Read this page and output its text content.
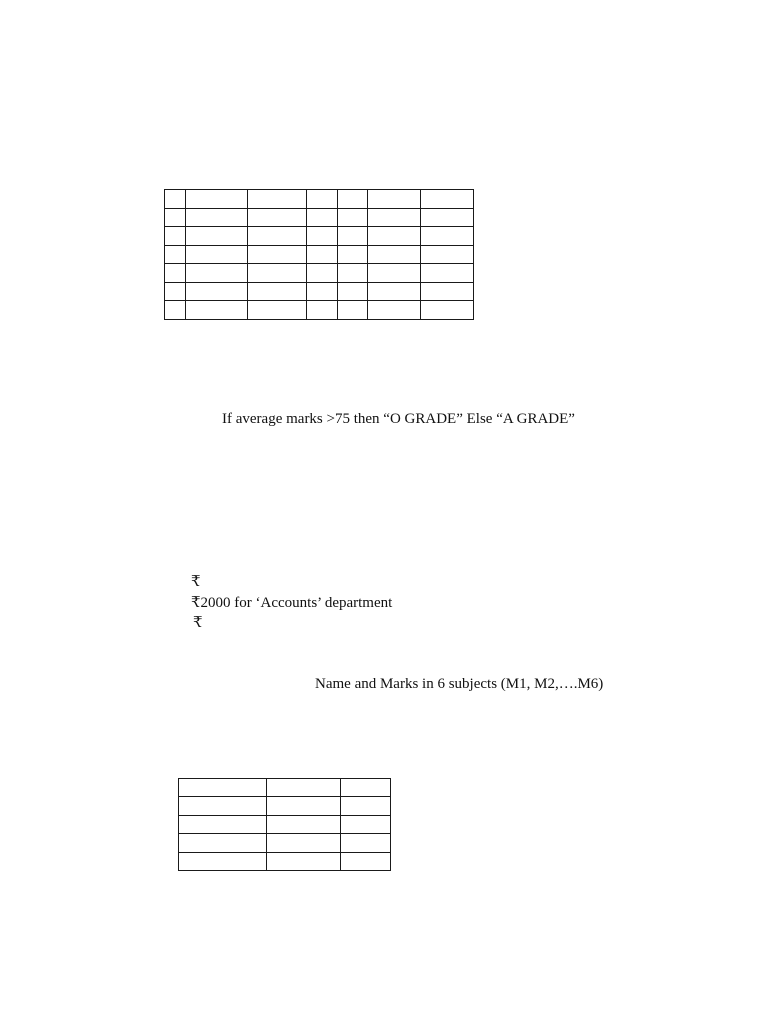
If average marks >75 then “O GRADE” Else “A GRADE”
₹
₹2000 for ‘Accounts’ department
₹
Name and Marks in 6 subjects (M1, M2,….M6)
